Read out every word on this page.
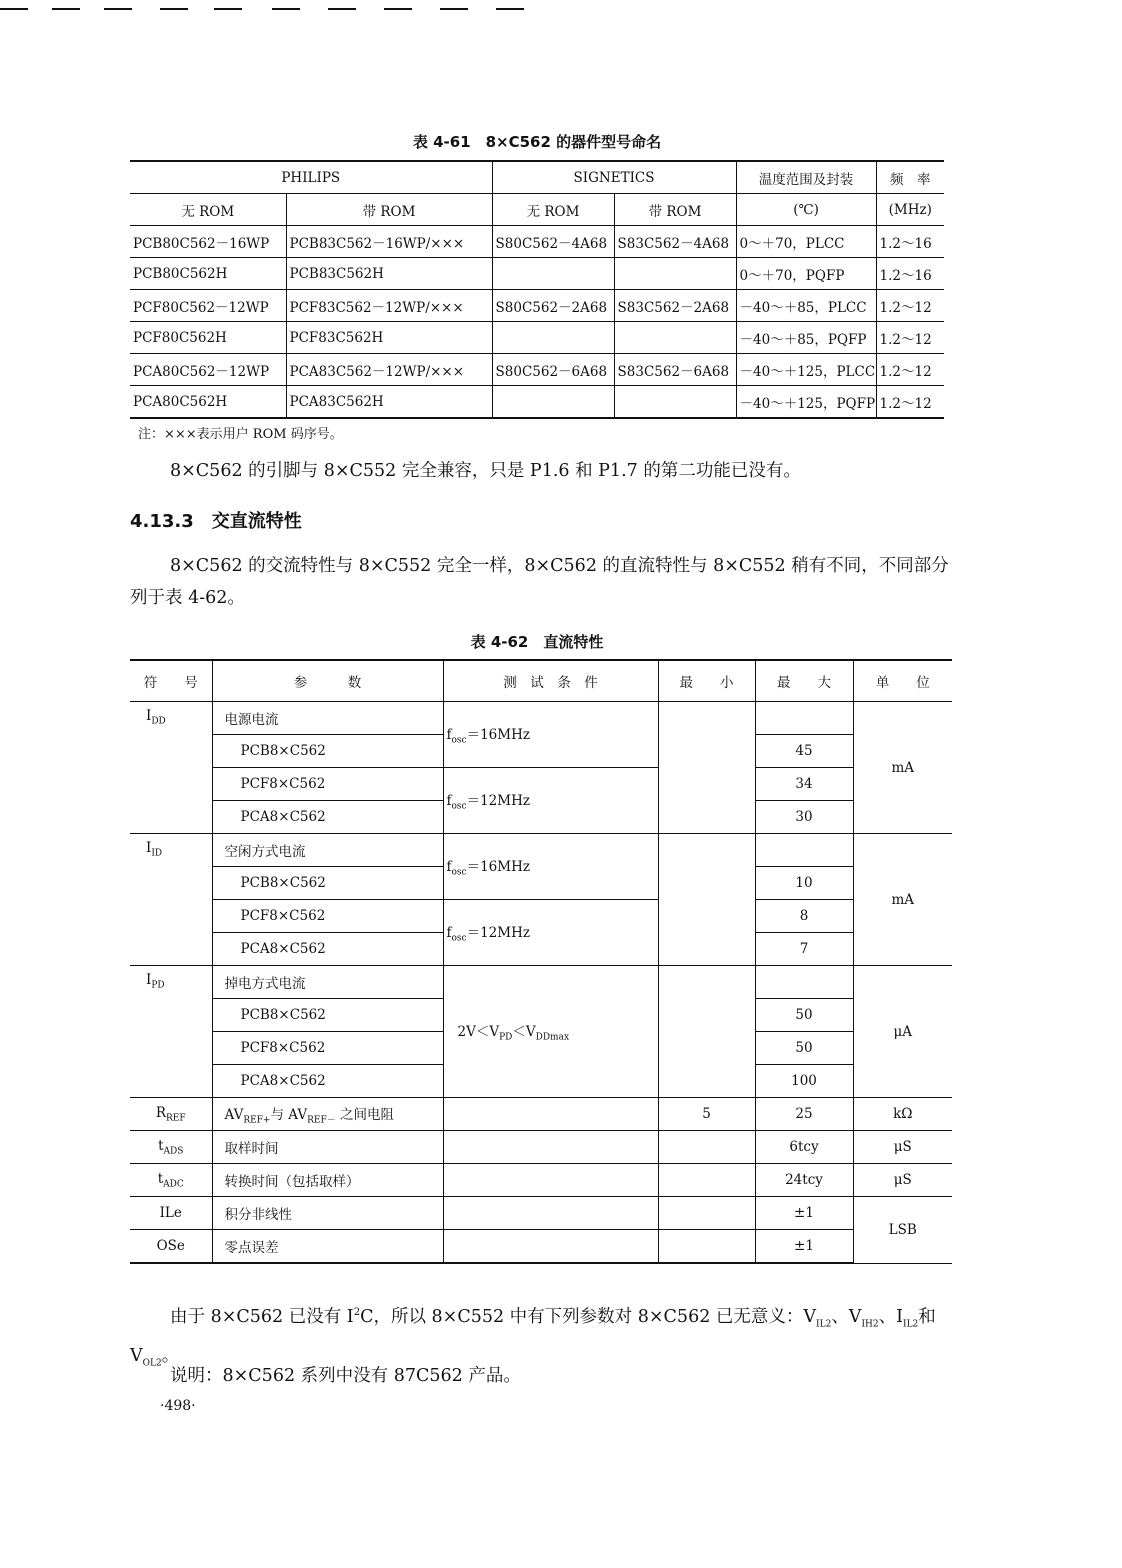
表 4-61　8×C562 的器件型号命名
PHILIPS		SIGNETICS		温度范围及封装	频　率
无 ROM	带 ROM	无 ROM	带 ROM	(℃)	(MHz)
PCB80C562－16WP	PCB83C562－16WP/×××	S80C562－4A68	S83C562－4A68	0～＋70，PLCC	1.2～16
PCB80C562H	PCB83C562H			0～＋70，PQFP	1.2～16
PCF80C562－12WP	PCF83C562－12WP/×××	S80C562－2A68	S83C562－2A68	－40～＋85，PLCC	1.2～12
PCF80C562H	PCF83C562H			－40～＋85，PQFP	1.2～12
PCA80C562－12WP	PCA83C562－12WP/×××	S80C562－6A68	S83C562－6A68	－40～＋125，PLCC	1.2～12
PCA80C562H	PCA83C562H			－40～＋125，PQFP	1.2～12
注：×××表示用户 ROM 码序号。
8×C562 的引脚与 8×C552 完全兼容，只是 P1.6 和 P1.7 的第二功能已没有。
4.13.3　 交直流特性
8×C562 的交流特性与 8×C552 完全一样，8×C562 的直流特性与 8×C552 稍有不同，不同部分列于表 4-62。
表 4-62　直流特性
符　　号	参　　　数	测　试　条　件	最　　小	最　　大	单　　位
$I_{DD}$	电源电流	$f_{osc}=16MHz$			mA
	PCB8×C562			45	
	PCF8×C562	$f_{osc}=12MHz$		34	
	PCA8×C562			30	
$I_{ID}$	空闲方式电流	$f_{osc}=16MHz$			mA
	PCB8×C562			10	
	PCF8×C562	$f_{osc}=12MHz$		8	
	PCA8×C562			7	
$I_{PD}$	掉电方式电流	$2V<V_{PD}<V_{DDmax}$			μA
	PCB8×C562			50	
	PCF8×C562			50	
	PCA8×C562			100	
$R_{REF}$	$AV_{REF+}$与 $AV_{REF-}$ 之间电阻		5	25	kΩ
$t_{ADS}$	取样时间			6tcy	μS
$t_{ADC}$	转换时间（包括取样）			24tcy	μS
ILe	积分非线性			±1	LSB
OSe	零点误差			±1	
由于 8×C562 已没有 $I^2C$，所以 8×C552 中有下列参数对 8×C562 已无意义：$V_{IL2}$、$V_{IH2}$、$I_{IL2}$和 $V_{OL2}$。
说明：8×C562 系列中没有 87C562 产品。
·498·
